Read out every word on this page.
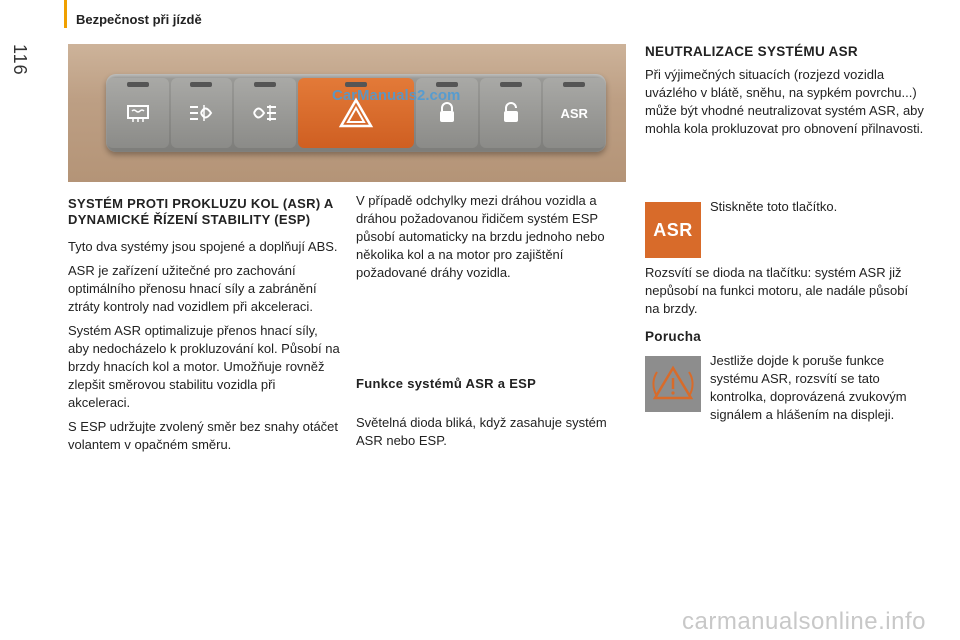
Bezpečnost při jízdě
116
ASR
CarManuals2.com
SYSTÉM PROTI PROKLUZU KOL (ASR) A DYNAMICKÉ ŘÍZENÍ STABILITY (ESP)

Tyto dva systémy jsou spojené a doplňují ABS.

ASR je zařízení užitečné pro zachování optimálního přenosu hnací síly a zabránění ztráty kontroly nad vozidlem při akceleraci.

Systém ASR optimalizuje přenos hnací síly, aby nedocházelo k prokluzování kol. Působí na brzdy hnacích kol a motor. Umožňuje rovněž zlepšit směrovou stabilitu vozidla při akceleraci.

S ESP udržujte zvolený směr bez snahy otáčet volantem v opačném směru.

V případě odchylky mezi dráhou vozidla a dráhou požadovanou řidičem systém ESP působí automaticky na brzdu jednoho nebo několika kol a na motor pro zajištění požadované dráhy vozidla.
Funkce systémů ASR a ESP
Světelná dioda bliká, když zasahuje systém ASR nebo ESP.
NEUTRALIZACE SYSTÉMU ASR
Při výjimečných situacích (rozjezd vozidla uvázlého v blátě, sněhu, na sypkém povrchu...) může být vhodné neutralizovat systém ASR, aby mohla kola prokluzovat pro obnovení přilnavosti.
ASR
Stiskněte toto tlačítko.
Rozsvítí se dioda na tlačítku: systém ASR již nepůsobí na funkci motoru, ale nadále působí na brzdy.
Porucha
Jestliže dojde k poruše funkce systému ASR, rozsvítí se tato kontrolka, doprovázená zvukovým signálem a hlášením na displeji.
carmanualsonline.info
